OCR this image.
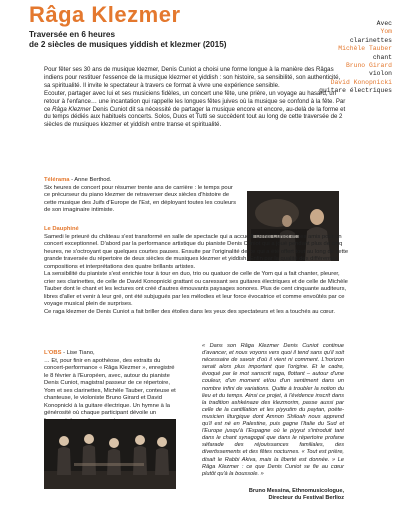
Râga Klezmer
Traversée en 6 heures
de 2 siècles de musiques yiddish et klezmer (2015)
Avec
Yom
clarinettes
Michèle Tauber
chant
Bruno Girard
violon
David Konopnicki
guitare électriques

Pour fêter ses 30 ans de musique klezmer, Denis Cuniot a choisi une forme longue à la manière des Râgas indiens pour restituer l'essence de la musique klezmer et yiddish : son histoire, sa sensibilité, son authenticité, sa spiritualité. Il invite le spectateur à travers ce format à vivre une expérience sensible.

Ecouter, partager avec lui et ses musiciens fidèles, un concert une fête, une prière, un voyage au hasard, un retour à l'enfance… une incantation qui rappelle les longues fêtes juives où la musique se confond à la fête. Par ce Râga Klezmer Denis Cuniot dit sa nécessité de partager la musique encore et encore, au-delà de la forme et du temps dédiés aux habituels concerts. Solos, Duos et Tutti se succèdent tout au long de cette traversée de 2 siècles de musiques klezmer et yiddish entre transe et spiritualité.

Télérama - Anne Berthod.

Six heures de concert pour résumer trente ans de carrière : le temps pour ce précurseur du piano klezmer de retraverser deux siècles d'histoire de cette musique des Juifs d'Europe de l'Est, en déployant toutes les couleurs de son imaginaire intimiste.

Le Dauphiné

Samedi le prieuré du château s'est transformé en salle de spectacle qui a accueilli Denis Cuniot et ses amis pour un concert exceptionnel. D'abord par la performance artistique du pianiste Denis Cuniot qui a joué pendant plus de cinq heures, ne s'octroyant que quelques courtes pauses. Ensuite par l'originalité de ce qui a été offert tout au long de cette grande traversée du répertoire de deux siècles de musiques klezmer et yiddish. Enfin par la qualité des différentes compositions et interprétations des quatre brillants artistes.

La sensibilité du pianiste s'est enrichie tour à tour en duo, trio ou quatuor de celle de Yom qui a fait chanter, pleurer, crier ses clarinettes, de celle de David Konopnicki grattant ou caressant ses guitares électriques et de celle de Michèle Tauber dont le chant et les lectures ont créé d'autres émouvants paysages sonores. Plus de cent cinquante auditeurs, libres d'aller et venir à leur gré, ont été subjugués par les mélodies et leur force évocatrice et comme envoûtés par ce voyage musical plein de surprises.

Ce raga klezmer de Denis Cuniot a fait briller des étoiles dans les yeux des spectateurs et les a touchés au cœur.

L'OBS - Lise Tiano,

… Et, pour finir en apothéose, des extraits du concert-performance « Râga Klezmer », enregistré le 8 février à l'Européen, avec, autour du pianiste Denis Cuniot, magistral passeur de ce répertoire, Yom et ses clarinettes, Michèle Tauber, conteuse et chanteuse, le violoniste Bruno Girard et David Konopnicki à la guitare électrique. Un hymne à la générosité où chaque participant dévoile un

« Dans son Râga Klezmer Denis Cuniot continue d'avancer, et nous voyons vers quoi il tend sans qu'il soit nécessaire de savoir d'où il vient ni comment. L'horizon serait alors plus important que l'origine. Et le cadre, évoqué par le mot sanscrit raga, flottant – autour d'une couleur, d'un moment et/ou d'un sentiment dans un nombre infini de variations. Quitte à troubler la notion du lieu et du temps. Ainsi ce projet, à l'évidence inscrit dans la tradition ashkénaze des klezmorim, passe aussi par celle de la cantillation et les piyyutim du paytan, poète-musicien liturgique dont Amnon Shiloah nous apprend qu'il est né en Palestine, puis gagne l'Italie du Sud et l'Europe jusqu'à l'Espagne où le piyyut s'introduit tant dans le chant synagogal que dans le répertoire profane séfarade des réjouissances familiales, des divertissements et des fêtes nocturnes. « Tout est prière, disait le Rabbi Akiva, mais la liberté est donnée. » Le Râga Klezmer : ce que Denis Cuniot se fie au cœur plutôt qu'à la boussole. »

Bruno Messina, Ethnomusicologue,
Directeur du Festival Berlioz
